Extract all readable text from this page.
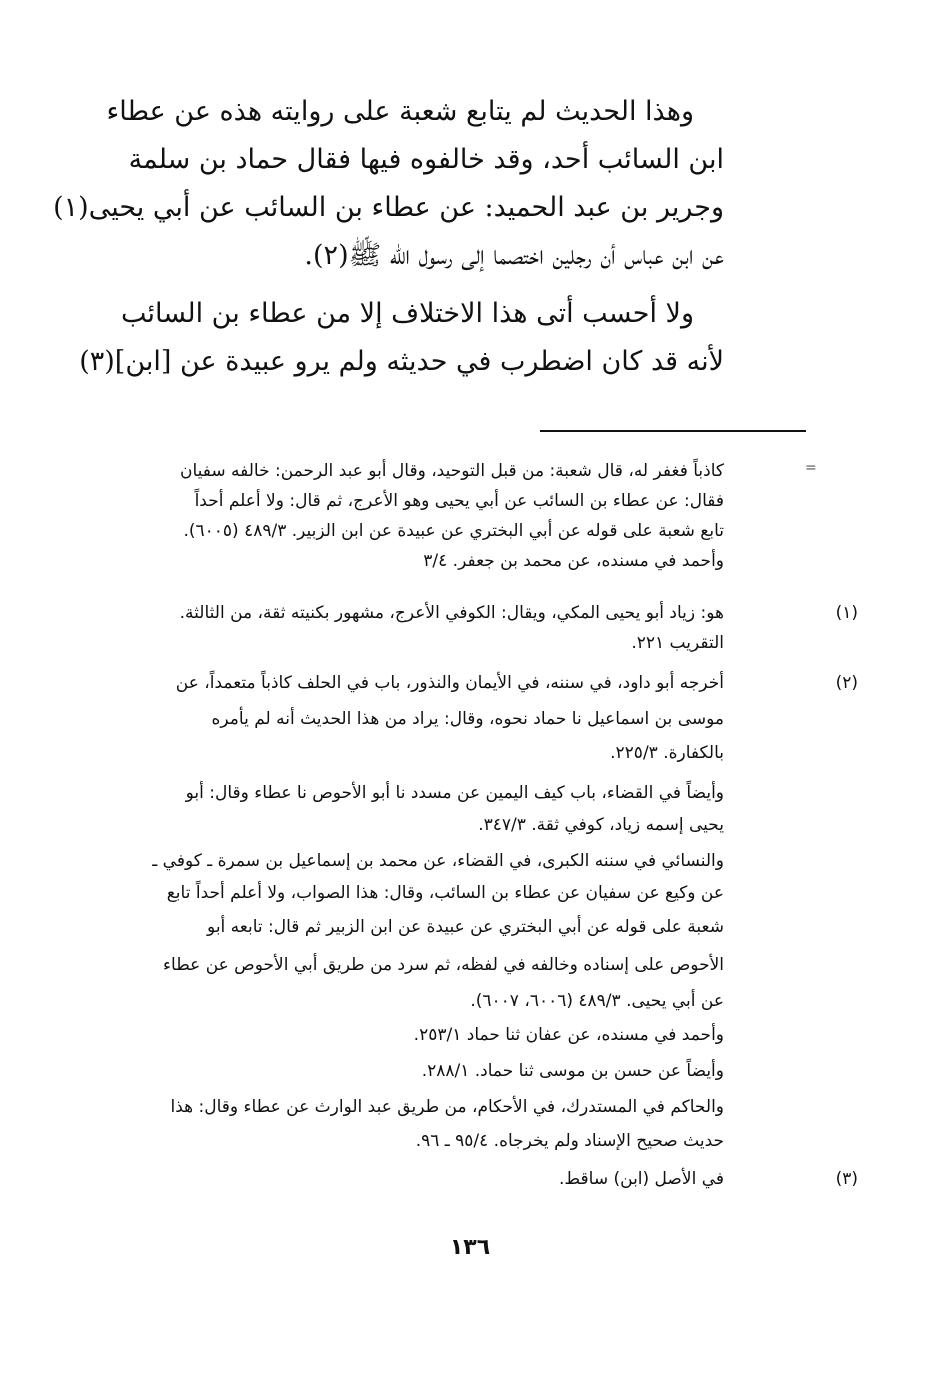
وهذا الحديث لم يتابع شعبة على روايته هذه عن عطاء
ابن السائب أحد، وقد خالفوه فيها فقال حماد بن سلمة
وجرير بن عبد الحميد: عن عطاء بن السائب عن أبي يحيى(١)
عن ابن عباس أن رجلين اختصما إلى رسول الله ﷺ(٢).
ولا أحسب أتى هذا الاختلاف إلا من عطاء بن السائب
لأنه قد كان اضطرب في حديثه ولم يرو عبيدة عن [ابن](٣)
=
كاذباً فغفر له، قال شعبة: من قبل التوحيد، وقال أبو عبد الرحمن: خالفه سفيان
فقال: عن عطاء بن السائب عن أبي يحيى وهو الأعرج، ثم قال: ولا أعلم أحداً
تابع شعبة على قوله عن أبي البختري عن عبيدة عن ابن الزبير. ٤٨٩/٣ (٦٠٠٥).
وأحمد في مسنده، عن محمد بن جعفر. ٣/٤
(١)
هو: زياد أبو يحيى المكي، ويقال: الكوفي الأعرج، مشهور بكنيته ثقة، من الثالثة.
التقريب ٢٢١.
(٢)
أخرجه أبو داود، في سننه، في الأيمان والنذور، باب في الحلف كاذباً متعمداً، عن
موسى بن اسماعيل نا حماد نحوه، وقال: يراد من هذا الحديث أنه لم يأمره
بالكفارة. ٢٢٥/٣.
وأيضاً في القضاء، باب كيف اليمين عن مسدد نا أبو الأحوص نا عطاء وقال: أبو
يحيى إسمه زياد، كوفي ثقة. ٣٤٧/٣.
والنسائي في سننه الكبرى، في القضاء، عن محمد بن إسماعيل بن سمرة ـ كوفي ـ
عن وكيع عن سفيان عن عطاء بن السائب، وقال: هذا الصواب، ولا أعلم أحداً تابع
شعبة على قوله عن أبي البختري عن عبيدة عن ابن الزبير ثم قال: تابعه أبو
الأحوص على إسناده وخالفه في لفظه، ثم سرد من طريق أبي الأحوص عن عطاء
عن أبي يحيى. ٤٨٩/٣ (٦٠٠٦، ٦٠٠٧).
وأحمد في مسنده، عن عفان ثنا حماد ٢٥٣/١.
وأيضاً عن حسن بن موسى ثنا حماد. ٢٨٨/١.
والحاكم في المستدرك، في الأحكام، من طريق عبد الوارث عن عطاء وقال: هذا
حديث صحيح الإسناد ولم يخرجاه. ٩٥/٤ ـ ٩٦.
(٣)
في الأصل (ابن) ساقط.
١٣٦
